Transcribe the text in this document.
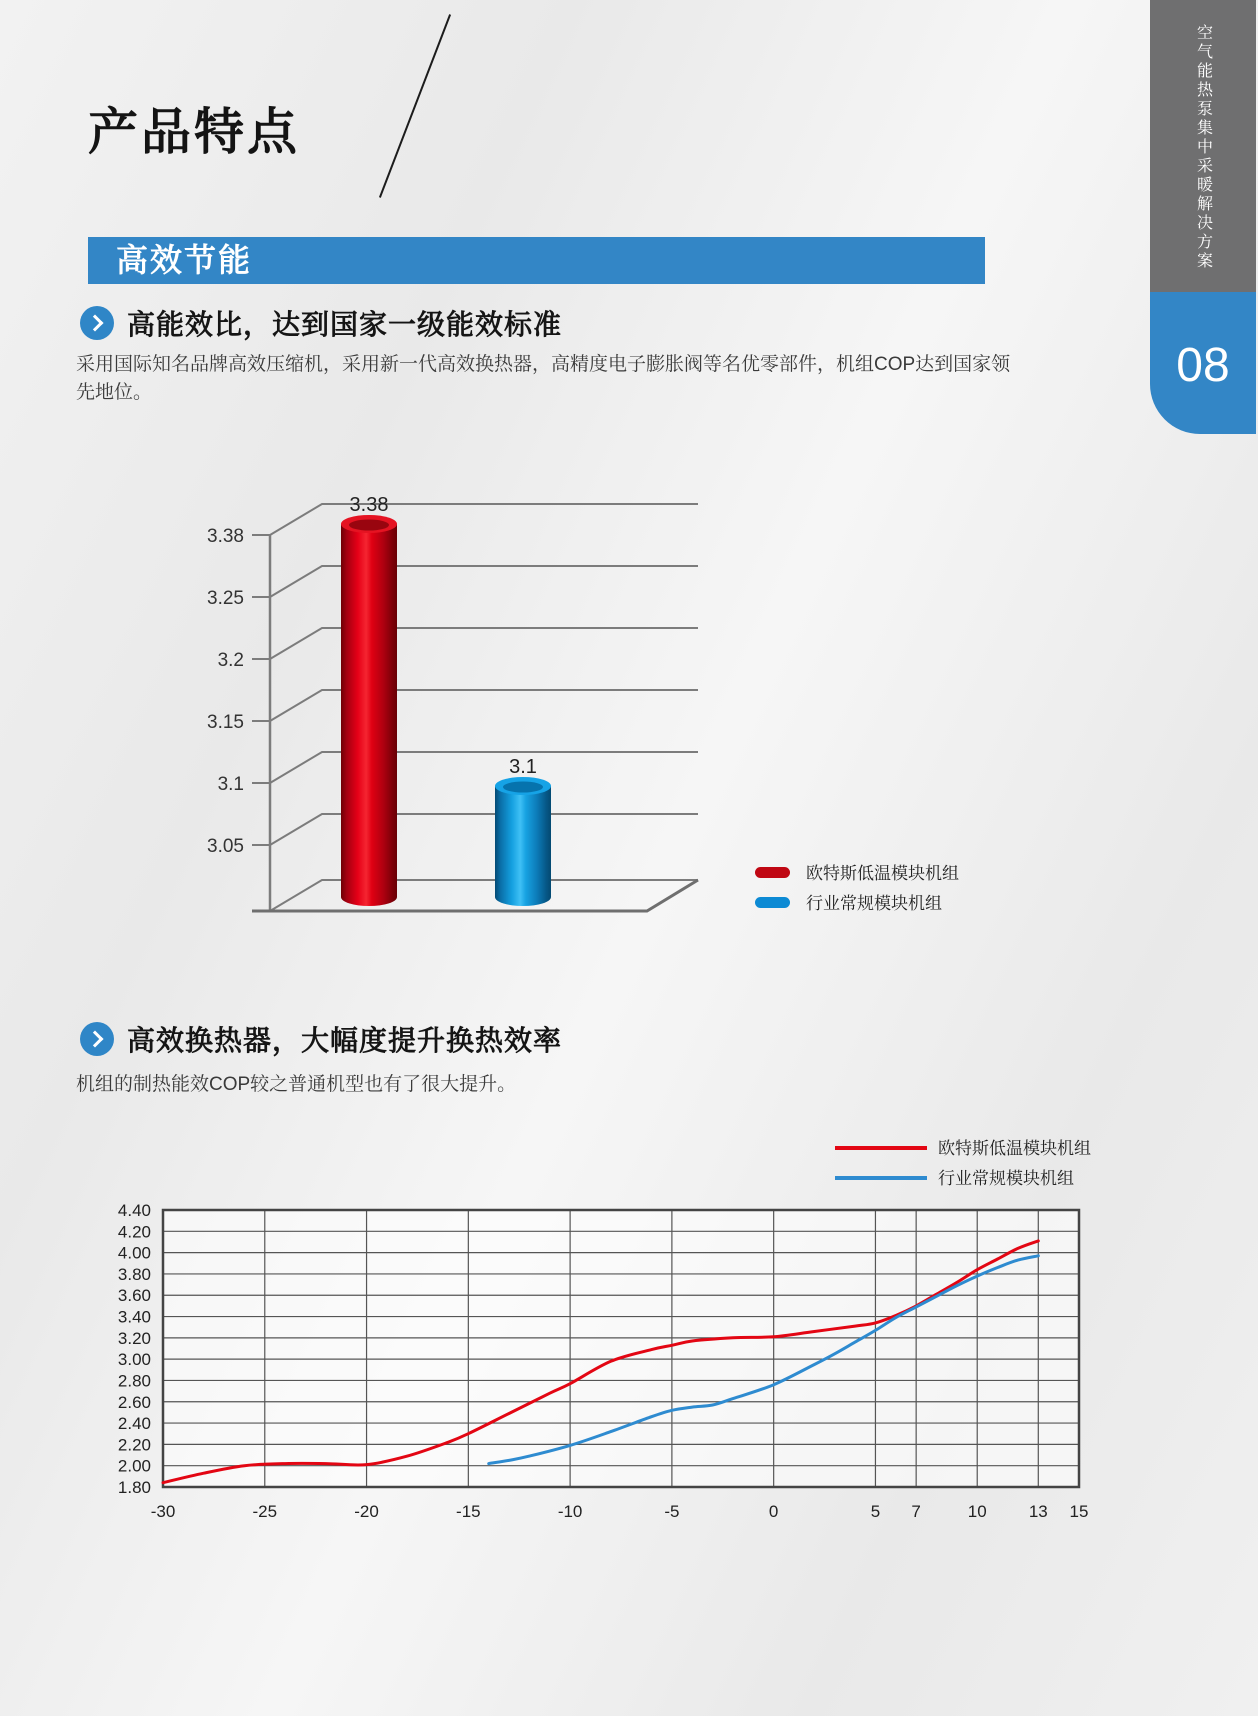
产品特点
高效节能	空气能热泵集中采暖解决方案
08
高能效比，达到国家一级能效标准

采用国际知名品牌高效压缩机，采用新一代高效换热器，高精度电子膨胀阀等名优零部件，机组COP达到国家领先地位。

3.38
3.25
3.2
3.15
3.1
3.05
3.38
3.1
欧特斯低温模块机组
行业常规模块机组
高效换热器，大幅度提升换热效率

机组的制热能效COP较之普通机型也有了很大提升。

4.40
4.20
4.00
3.80
3.60
3.40
3.20
3.00
2.80
2.60
2.40
2.20
2.00
1.80
-30	-25	-20	-15	-10	-5	0	5 7	10 13 15
欧特斯低温模块机组
行业常规模块机组
